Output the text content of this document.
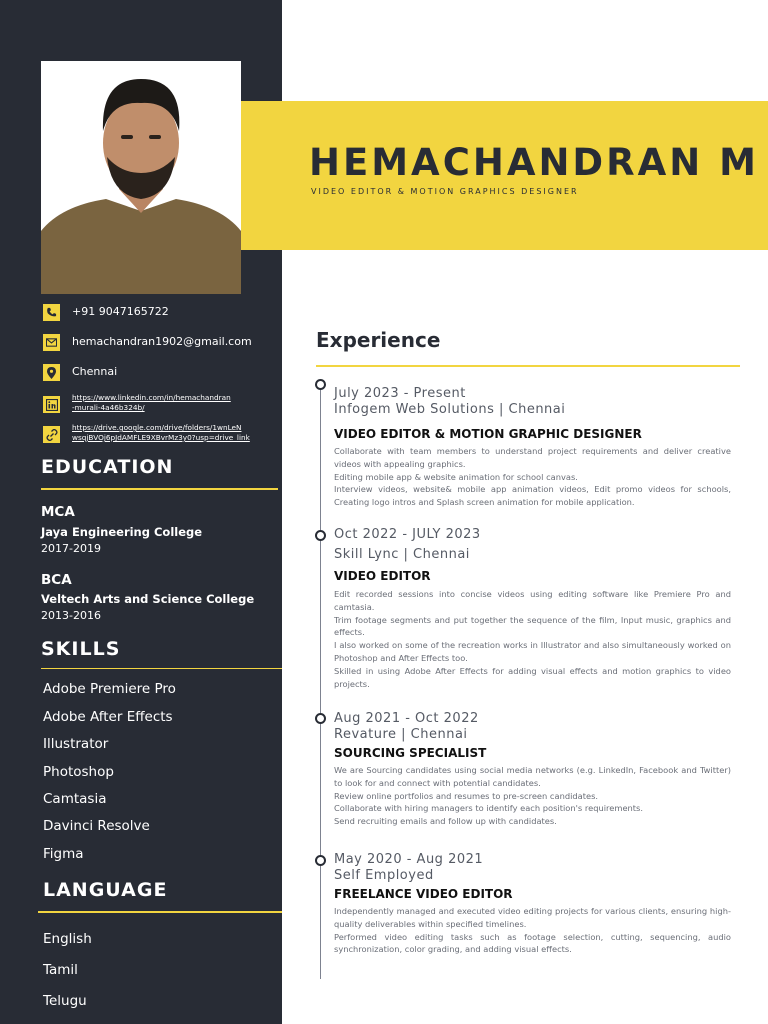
HEMACHANDRAN M
VIDEO EDITOR & MOTION GRAPHICS DESIGNER
+91 9047165722
hemachandran1902@gmail.com
Chennai
https://www.linkedin.com/in/hemachandran
-murali-4a46b324b/
https://drive.google.com/drive/folders/1wnLeN
wsqjBVOj6pJdAMFLE9XBvrMz3y0?usp=drive_link
EDUCATION
MCA
Jaya Engineering College
2017-2019
BCA
Veltech Arts and Science College
2013-2016
SKILLS
Adobe Premiere Pro
Adobe After Effects
Illustrator
Photoshop
Camtasia
Davinci Resolve
Figma
LANGUAGE
English
Tamil
Telugu
Experience
July 2023 - Present
Infogem Web Solutions | Chennai
VIDEO EDITOR & MOTION GRAPHIC DESIGNER
Collaborate with team members to understand project requirements and deliver creative videos with appealing graphics.
Editing mobile app & website animation for school canvas.
Interview videos, website& mobile app animation videos, Edit promo videos for schools, Creating logo intros and Splash screen animation for mobile application.
Oct 2022 - JULY 2023
Skill Lync | Chennai
VIDEO EDITOR
Edit recorded sessions into concise videos using editing software like Premiere Pro and camtasia.
Trim footage segments and put together the sequence of the film, Input music, graphics and effects.
I also worked on some of the recreation works in Illustrator and also simultaneously worked on Photoshop and After Effects too.
Skilled in using Adobe After Effects for adding visual effects and motion graphics to video projects.
Aug 2021 - Oct 2022
Revature | Chennai
SOURCING SPECIALIST
We are Sourcing candidates using social media networks (e.g. LinkedIn, Facebook and Twitter) to look for and connect with potential candidates.
Review online portfolios and resumes to pre-screen candidates.
Collaborate with hiring managers to identify each position's requirements.
Send recruiting emails and follow up with candidates.
May 2020 - Aug 2021
Self Employed
FREELANCE VIDEO EDITOR
Independently managed and executed video editing projects for various clients, ensuring high-quality deliverables within specified timelines.
Performed video editing tasks such as footage selection, cutting, sequencing, audio synchronization, color grading, and adding visual effects.
